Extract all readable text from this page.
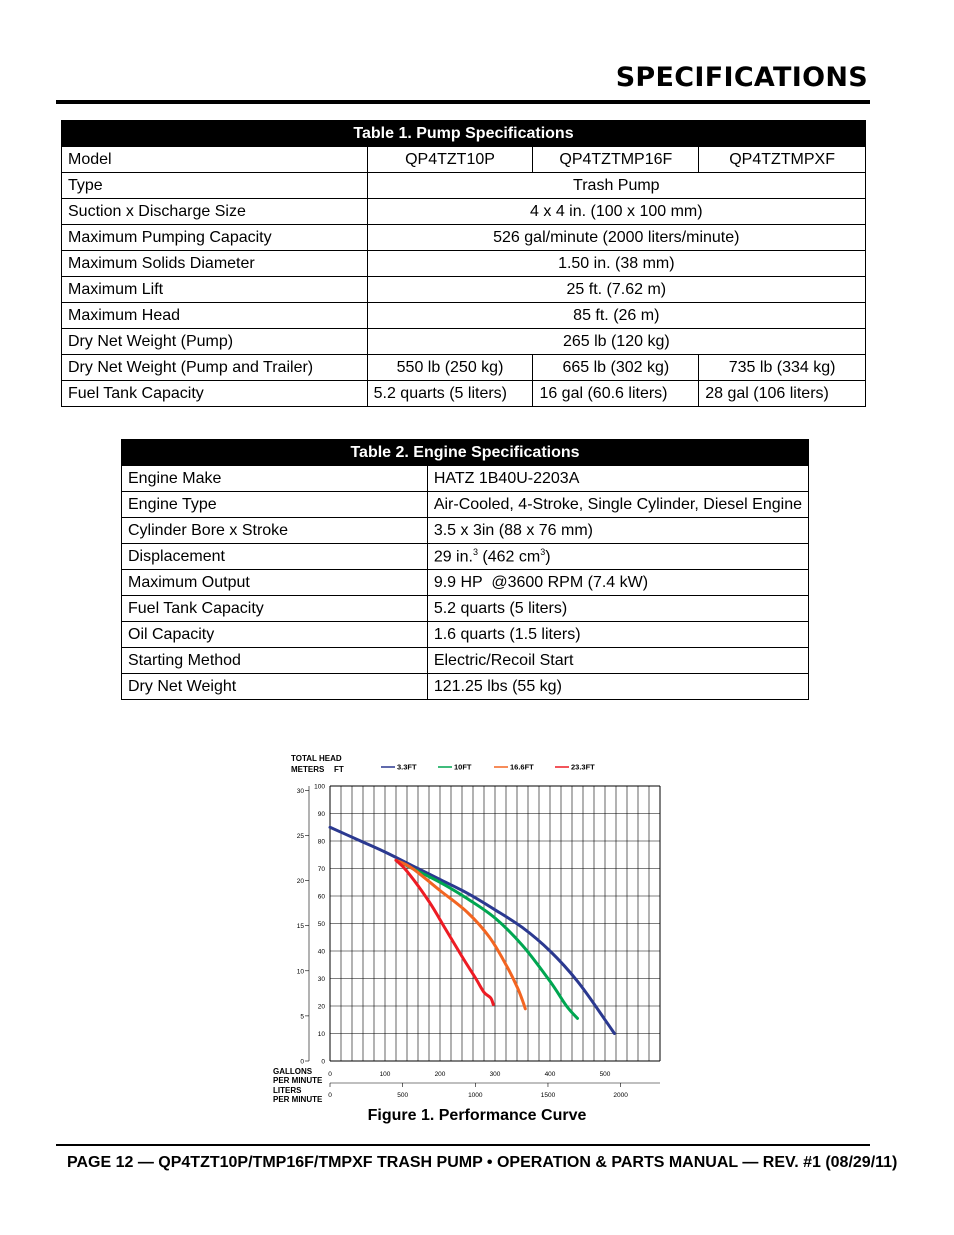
SPECIFICATIONS
Table 1. Pump Specifications			
Model	QP4TZT10P	QP4TZTMP16F	QP4TZTMPXF
Type	Trash Pump		
Suction x Discharge Size	4 x 4 in. (100 x 100 mm)		
Maximum Pumping Capacity	526 gal/minute (2000 liters/minute)		
Maximum Solids Diameter	1.50 in. (38 mm)		
Maximum Lift	25 ft. (7.62 m)		
Maximum Head	85 ft. (26 m)		
Dry Net Weight (Pump)	265 lb (120 kg)		
Dry Net Weight (Pump and Trailer)	550 lb (250 kg)	665 lb (302 kg)	735 lb (334 kg)
Fuel Tank Capacity	5.2 quarts (5 liters)	16 gal (60.6 liters)	28 gal (106 liters)
Table 2. Engine Specifications	
Engine Make	HATZ 1B40U-2203A
Engine Type	Air-Cooled, 4-Stroke, Single Cylinder, Diesel Engine
Cylinder Bore x Stroke	3.5 x 3in (88 x 76 mm)
Displacement	29 in.$^3$ (462 $cm^3$)
Maximum Output	9.9 HP  @3600 RPM (7.4 kW)
Fuel Tank Capacity	5.2 quarts (5 liters)
Oil Capacity	1.6 quarts (1.5 liters)
Starting Method	Electric/Recoil Start
Dry Net Weight	121.25 lbs (55 kg)
TOTAL HEAD
METERS FT
GALLONS
PER MINUTE
LITERS
PER MINUTE
0
10
20
30
40
50
60
70
80
90
100
0
5
10
15
20
25
30
0	100	200	300	400	500
0	500	1000	1500	2000
3.3FT	10FT	16.6FT	23.3FT
Figure 1. Performance Curve
PAGE 12 — QP4TZT10P/TMP16F/TMPXF TRASH PUMP • OPERATION & PARTS MANUAL — REV. #1 (08/29/11)
